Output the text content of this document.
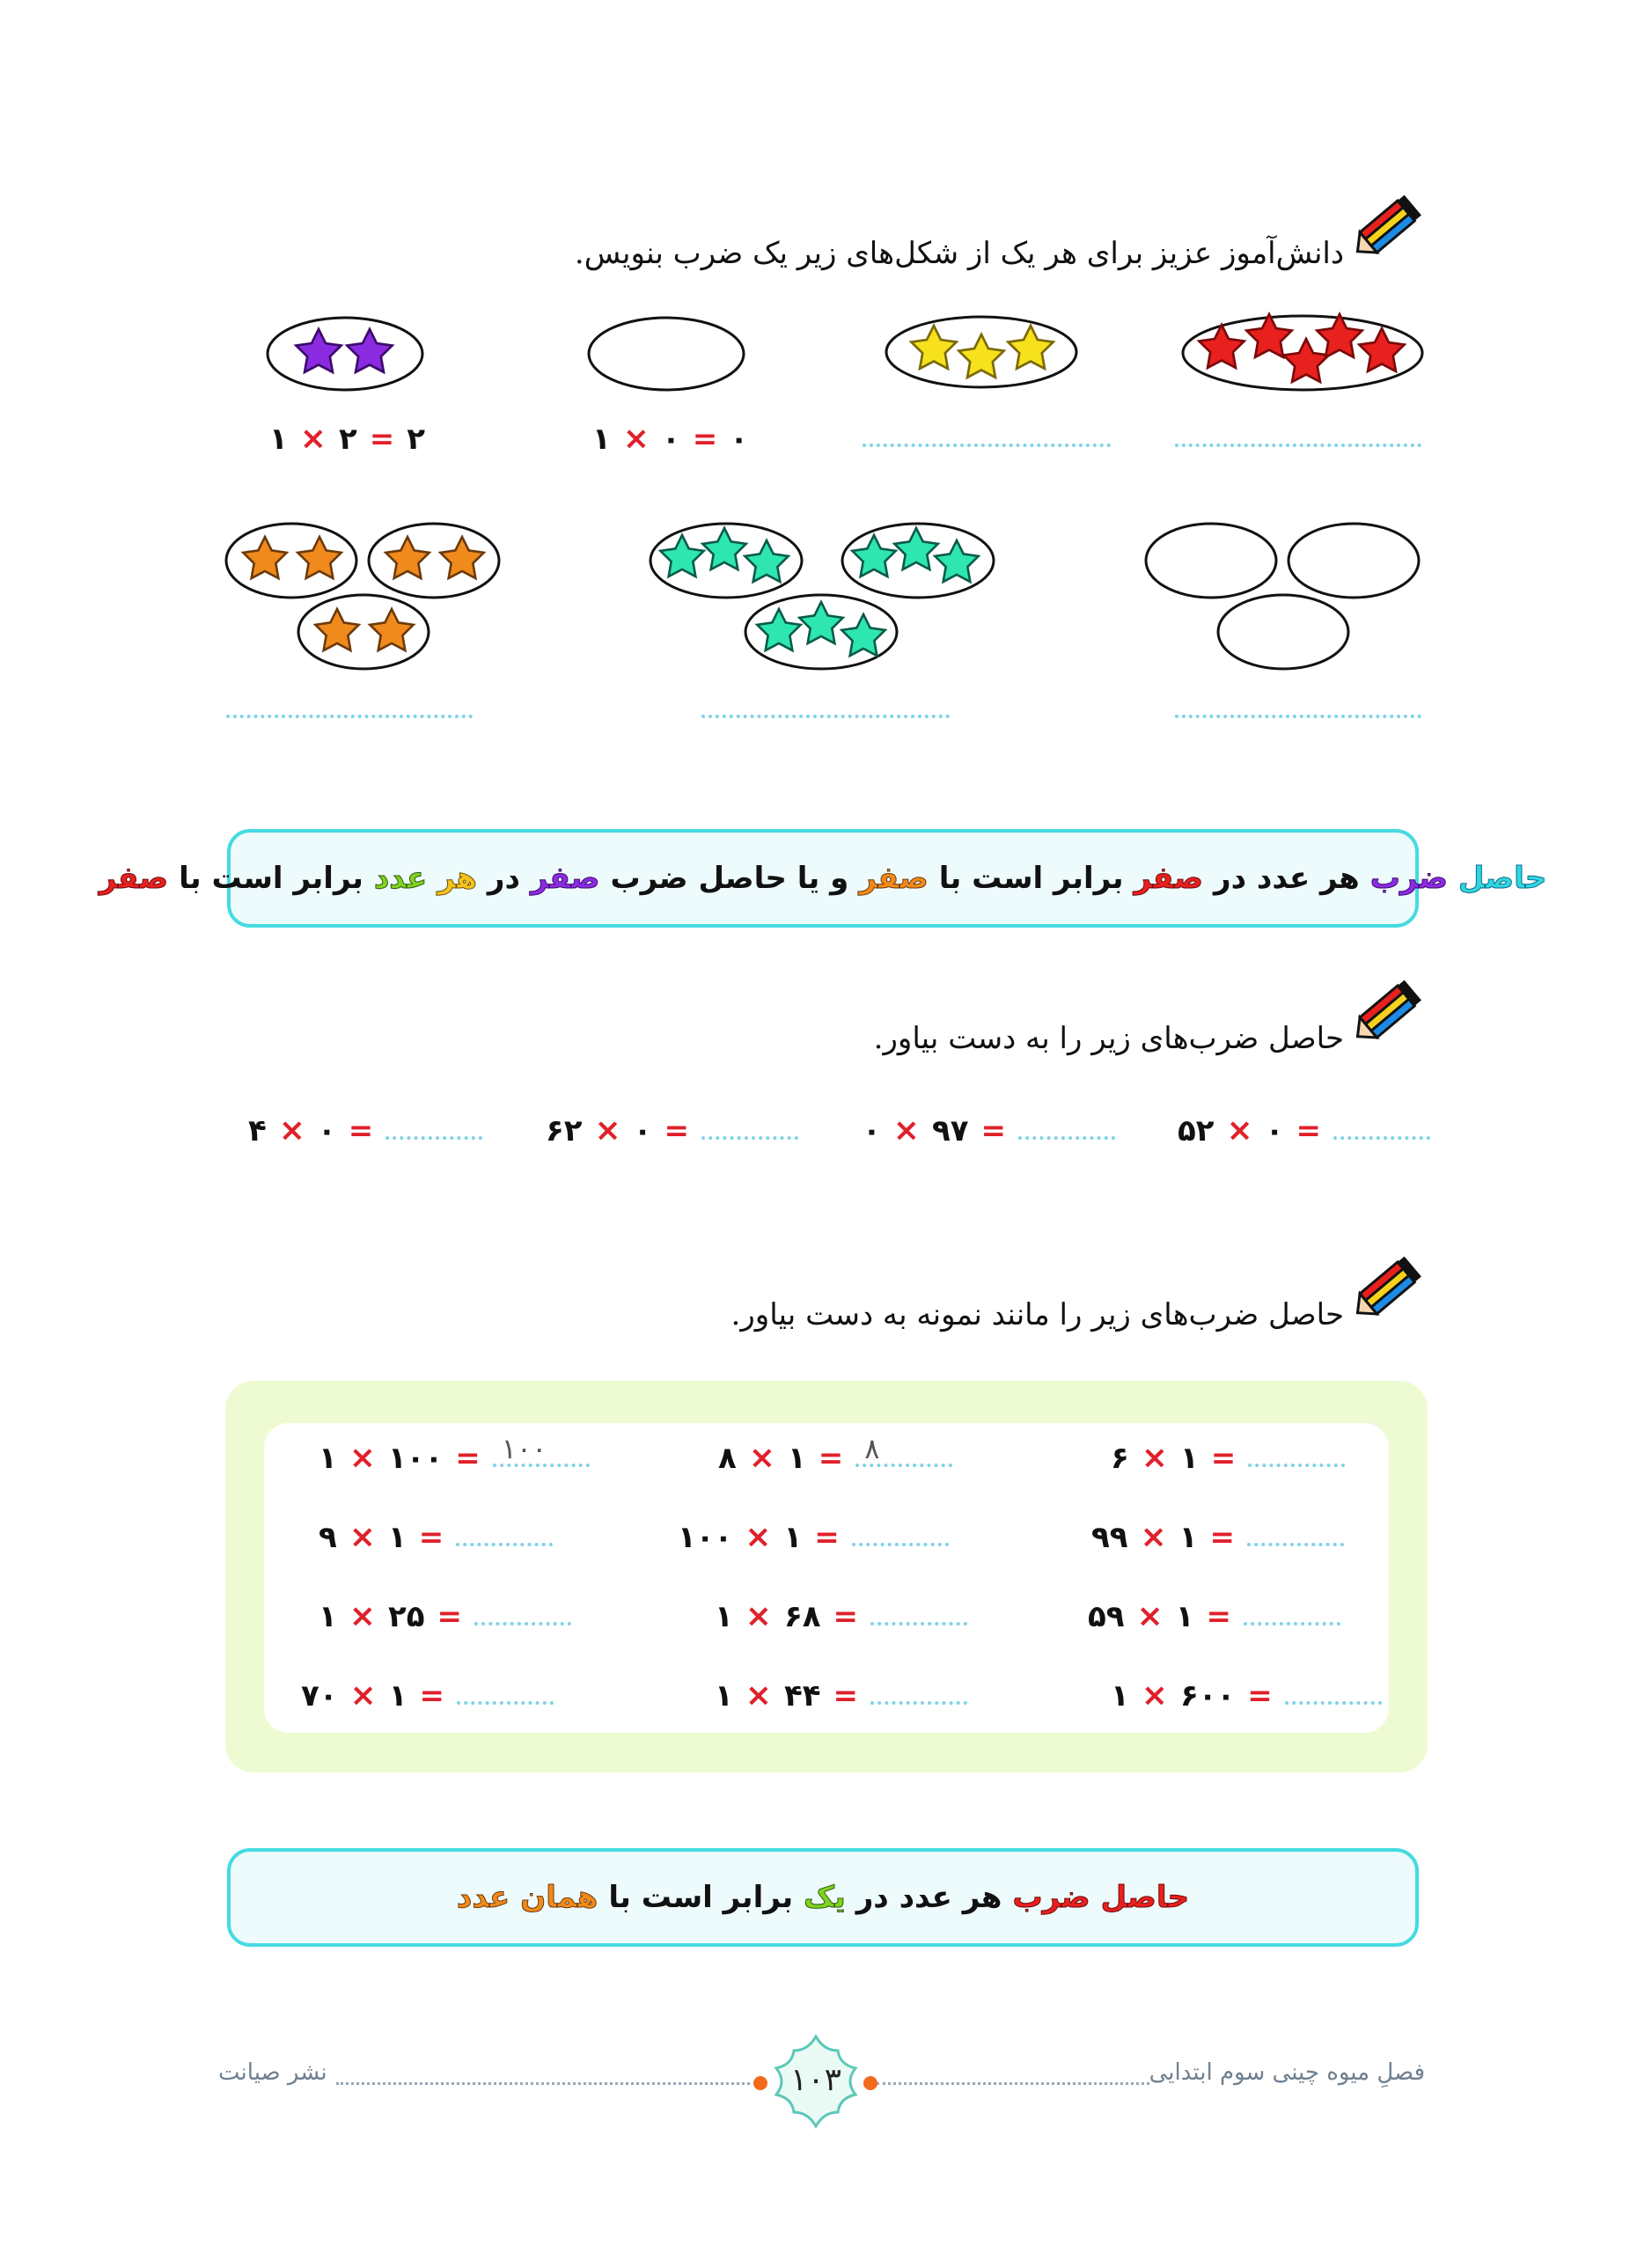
دانش‌آموز عزیز برای هر یک از شکل‌های زیر یک ضرب بنویس.
۱ × ۰ = ۰
۱ × ۲ = ۲
حاصل
ضرب
هر عدد در
صفر
برابر است با
صفر
و یا حاصل ضرب
صفر
در
هر
عدد
برابر است با
صفر
حاصل ضرب‌های زیر را به دست بیاور.
۵۲ × ۰ =
۰ × ۹۷ =
۶۲ × ۰ =
۴ × ۰ =
حاصل ضرب‌های زیر را مانند نمونه به دست بیاور.
۶ × ۱ =
۹۹ × ۱ =
۵۹ × ۱ =
۱ × ۶۰۰ =
۸ × ۱ = ۸
۱۰۰ × ۱ =
۱ × ۶۸ =
۱ × ۴۴ =
۱ × ۱۰۰ = ۱۰۰
۹ × ۱ =
۱ × ۲۵ =
۷۰ × ۱ =
حاصل
ضرب
هر عدد در
یک
برابر است با
همان
عدد
فصلِ میوه چینی سوم ابتدایی
۱۰۳
نشر صیانت
